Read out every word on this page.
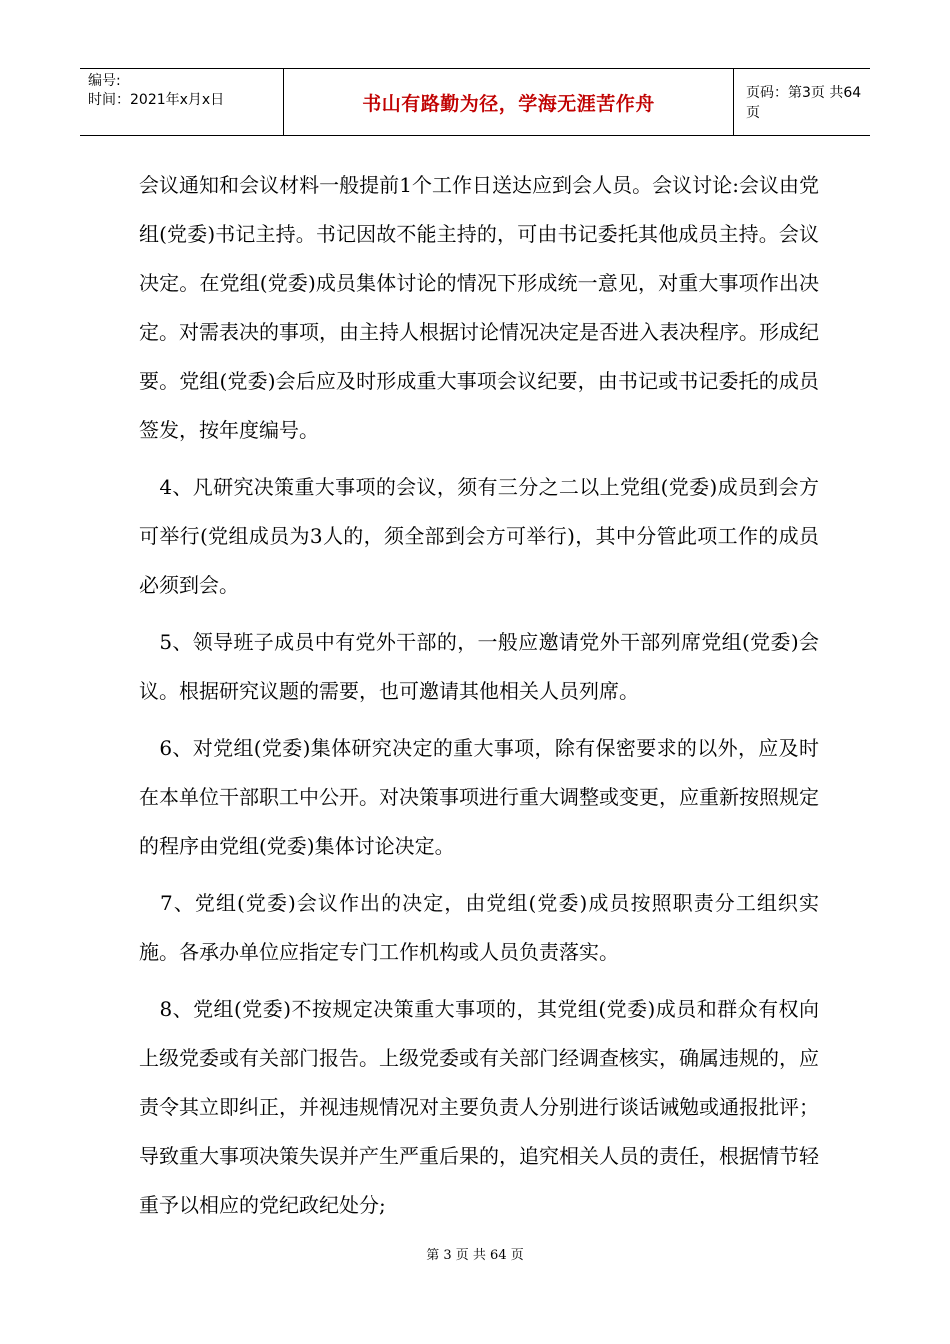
编号:
时间：2021年x月x日	书山有路勤为径，学海无涯苦作舟	页码：第3页 共64页

会议通知和会议材料一般提前1个工作日送达应到会人员。会议讨论:会议由党组(党委)书记主持。书记因故不能主持的，可由书记委托其他成员主持。会议决定。在党组(党委)成员集体讨论的情况下形成统一意见，对重大事项作出决定。对需表决的事项，由主持人根据讨论情况决定是否进入表决程序。形成纪要。党组(党委)会后应及时形成重大事项会议纪要，由书记或书记委托的成员签发，按年度编号。

　4、凡研究决策重大事项的会议，须有三分之二以上党组(党委)成员到会方可举行(党组成员为3人的，须全部到会方可举行)，其中分管此项工作的成员必须到会。

　5、领导班子成员中有党外干部的，一般应邀请党外干部列席党组(党委)会议。根据研究议题的需要，也可邀请其他相关人员列席。

　6、对党组(党委)集体研究决定的重大事项，除有保密要求的以外，应及时在本单位干部职工中公开。对决策事项进行重大调整或变更，应重新按照规定的程序由党组(党委)集体讨论决定。

　7、党组(党委)会议作出的决定，由党组(党委)成员按照职责分工组织实施。各承办单位应指定专门工作机构或人员负责落实。

　8、党组(党委)不按规定决策重大事项的，其党组(党委)成员和群众有权向上级党委或有关部门报告。上级党委或有关部门经调查核实，确属违规的，应责令其立即纠正，并视违规情况对主要负责人分别进行谈话诫勉或通报批评；导致重大事项决策失误并产生严重后果的，追究相关人员的责任，根据情节轻重予以相应的党纪政纪处分;

第 3 页 共 64 页
